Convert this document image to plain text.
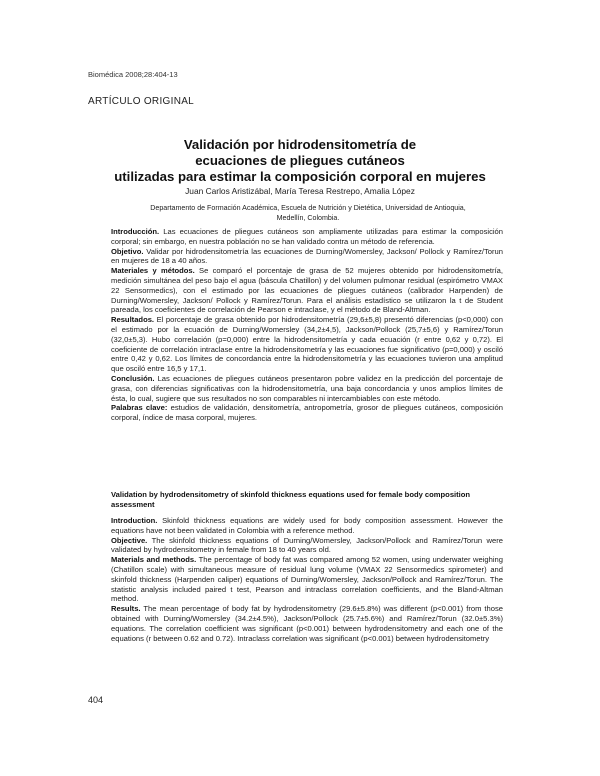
Biomédica 2008;28:404-13
ARTÍCULO ORIGINAL
Validación por hidrodensitometría de
ecuaciones de pliegues cutáneos
utilizadas para estimar la composición corporal en mujeres
Juan Carlos Aristizábal, María Teresa Restrepo, Amalia López
Departamento de Formación Académica, Escuela de Nutrición y Dietética, Universidad de Antioquia,
Medellín, Colombia.

Introducción. Las ecuaciones de pliegues cutáneos son ampliamente utilizadas para estimar la composición corporal; sin embargo, en nuestra población no se han validado contra un método de referencia.

Objetivo. Validar por hidrodensitometría las ecuaciones de Durning/Womersley, Jackson/ Pollock y Ramírez/Torun en mujeres de 18 a 40 años.

Materiales y métodos. Se comparó el porcentaje de grasa de 52 mujeres obtenido por hidrodensitometría, medición simultánea del peso bajo el agua (báscula Chatillon) y del volumen pulmonar residual (espirómetro VMAX 22 Sensormedics), con el estimado por las ecuaciones de pliegues cutáneos (calibrador Harpenden) de Durning/Womersley, Jackson/ Pollock y Ramírez/Torun. Para el análisis estadístico se utilizaron la t de Student pareada, los coeficientes de correlación de Pearson e intraclase, y el método de Bland-Altman.

Resultados. El porcentaje de grasa obtenido por hidrodensitometría (29,6±5,8) presentó diferencias (p<0,000) con el estimado por la ecuación de Durning/Womersley (34,2±4,5), Jackson/Pollock (25,7±5,6) y Ramírez/Torun (32,0±5,3). Hubo correlación (p=0,000) entre la hidrodensitometría y cada ecuación (r entre 0,62 y 0,72). El coeficiente de correlación intraclase entre la hidrodensitometría y las ecuaciones fue significativo (p=0,000) y osciló entre 0,42 y 0,62. Los límites de concordancia entre la hidrodensitometría y las ecuaciones tuvieron una amplitud que osciló entre 16,5 y 17,1.

Conclusión. Las ecuaciones de pliegues cutáneos presentaron pobre validez en la predicción del porcentaje de grasa, con diferencias significativas con la hidrodensitometría, una baja concordancia y unos amplios límites de ésta, lo cual, sugiere que sus resultados no son comparables ni intercambiables con este método.

Palabras clave: estudios de validación, densitometría, antropometría, grosor de pliegues cutáneos, composición corporal, índice de masa corporal, mujeres.

Validation by hydrodensitometry of skinfold thickness equations used for female body composition assessment

Introduction. Skinfold thickness equations are widely used for body composition assessment. However the equations have not been validated in Colombia with a reference method.

Objective. The skinfold thickness equations of Durning/Womersley, Jackson/Pollock and Ramírez/Torun were validated by hydrodensitometry in female from 18 to 40 years old.

Materials and methods. The percentage of body fat was compared among 52 women, using underwater weighing (Chatillon scale) with simultaneous measure of residual lung volume (VMAX 22 Sensormedics spirometer) and skinfold thickness (Harpenden caliper) equations of Durning/Womersley, Jackson/Pollock and Ramírez/Torun. The statistic analysis included paired t test, Pearson and intraclass correlation coefficients, and the Bland-Altman method.

Results. The mean percentage of body fat by hydrodensitometry (29.6±5.8%) was different (p<0.001) from those obtained with Durning/Womersley (34.2±4.5%), Jackson/Pollock (25.7±5.6%) and Ramírez/Torun (32.0±5.3%) equations. The correlation coefficient was significant (p<0.001) between hydrodensitometry and each one of the equations (r between 0.62 and 0.72). Intraclass correlation was significant (p<0.001) between hydrodensitometry

404
